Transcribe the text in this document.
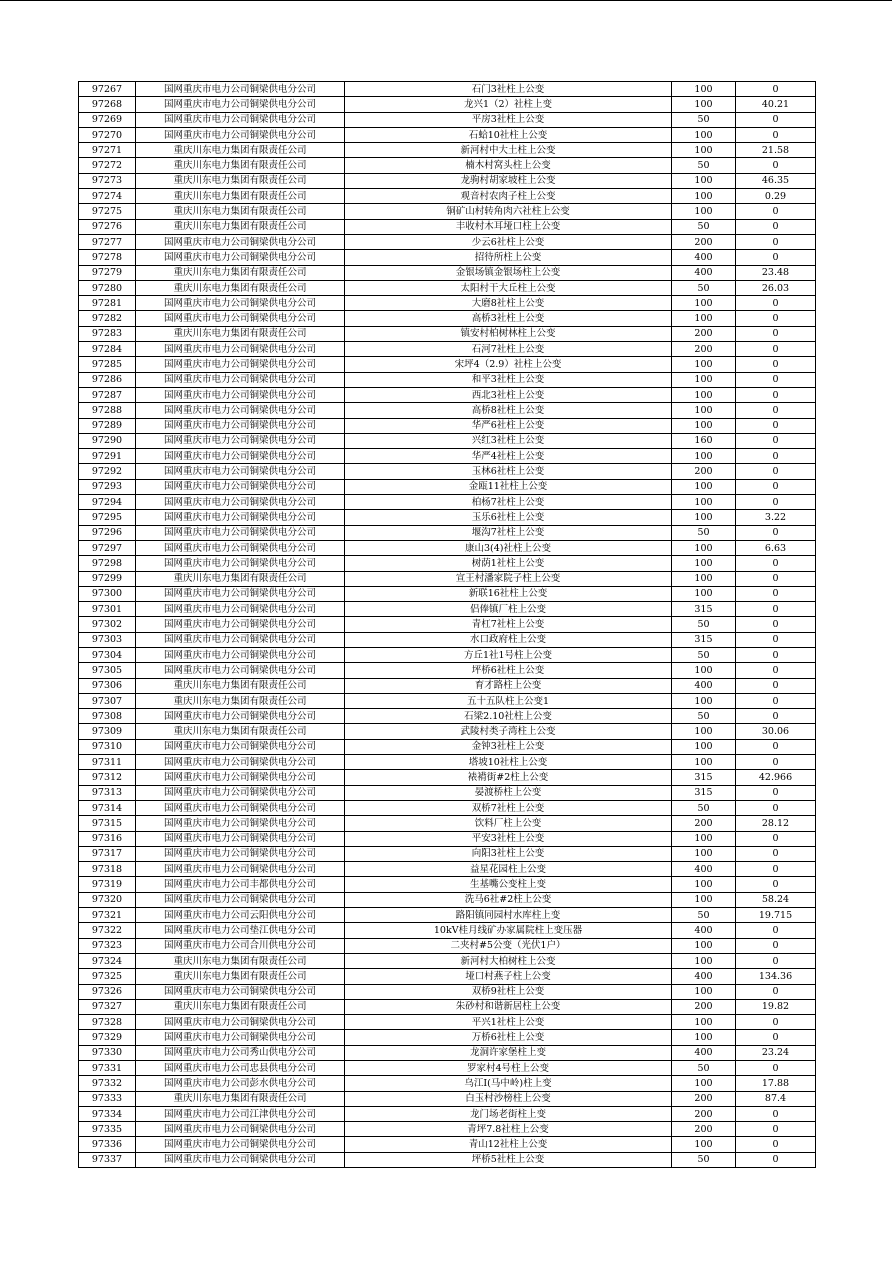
97267	国网重庆市电力公司铜梁供电分公司	石门3社柱上公变	100	0
97268	国网重庆市电力公司铜梁供电分公司	龙兴1（2）社柱上变	100	40.21
97269	国网重庆市电力公司铜梁供电分公司	平房3社柱上公变	50	0
97270	国网重庆市电力公司铜梁供电分公司	石蛤10社柱上公变	100	0
97271	重庆川东电力集团有限责任公司	新河村中大土柱上公变	100	21.58
97272	重庆川东电力集团有限责任公司	楠木村窝头柱上公变	50	0
97273	重庆川东电力集团有限责任公司	龙驹村胡家坡柱上公变	100	46.35
97274	重庆川东电力集团有限责任公司	观音村农肉子柱上公变	100	0.29
97275	重庆川东电力集团有限责任公司	铜矿山村转角肉六社柱上公变	100	0
97276	重庆川东电力集团有限责任公司	丰收村木耳垭口柱上公变	50	0
97277	国网重庆市电力公司铜梁供电分公司	少云6社柱上公变	200	0
97278	国网重庆市电力公司铜梁供电分公司	招待所柱上公变	400	0
97279	重庆川东电力集团有限责任公司	金银场镇金银场柱上公变	400	23.48
97280	重庆川东电力集团有限责任公司	太阳村干大丘柱上公变	50	26.03
97281	国网重庆市电力公司铜梁供电分公司	大磨8社柱上公变	100	0
97282	国网重庆市电力公司铜梁供电分公司	高桥3社柱上公变	100	0
97283	重庆川东电力集团有限责任公司	镇安村柏树林柱上公变	200	0
97284	国网重庆市电力公司铜梁供电分公司	石河7社柱上公变	200	0
97285	国网重庆市电力公司铜梁供电分公司	宋坪4（2.9）社柱上公变	100	0
97286	国网重庆市电力公司铜梁供电分公司	和平3社柱上公变	100	0
97287	国网重庆市电力公司铜梁供电分公司	西北3社柱上公变	100	0
97288	国网重庆市电力公司铜梁供电分公司	高桥8社柱上公变	100	0
97289	国网重庆市电力公司铜梁供电分公司	华严6社柱上公变	100	0
97290	国网重庆市电力公司铜梁供电分公司	兴红3社柱上公变	160	0
97291	国网重庆市电力公司铜梁供电分公司	华严4社柱上公变	100	0
97292	国网重庆市电力公司铜梁供电分公司	玉林6社柱上公变	200	0
97293	国网重庆市电力公司铜梁供电分公司	金瓯11社柱上公变	100	0
97294	国网重庆市电力公司铜梁供电分公司	柏杨7社柱上公变	100	0
97295	国网重庆市电力公司铜梁供电分公司	玉乐6社柱上公变	100	3.22
97296	国网重庆市电力公司铜梁供电分公司	堰沟7社柱上公变	50	0
97297	国网重庆市电力公司铜梁供电分公司	康山3(4)社柱上公变	100	6.63
97298	国网重庆市电力公司铜梁供电分公司	树荫1社柱上公变	100	0
97299	重庆川东电力集团有限责任公司	宣王村潘家院子柱上公变	100	0
97300	国网重庆市电力公司铜梁供电分公司	新联16社柱上公变	100	0
97301	国网重庆市电力公司铜梁供电分公司	侣俸镇厂柱上公变	315	0
97302	国网重庆市电力公司铜梁供电分公司	青杠7社柱上公变	50	0
97303	国网重庆市电力公司铜梁供电分公司	水口政府柱上公变	315	0
97304	国网重庆市电力公司铜梁供电分公司	方丘1社1号柱上公变	50	0
97305	国网重庆市电力公司铜梁供电分公司	坪桥6社柱上公变	100	0
97306	重庆川东电力集团有限责任公司	育才路柱上公变	400	0
97307	重庆川东电力集团有限责任公司	五十五队柱上公变1	100	0
97308	国网重庆市电力公司铜梁供电分公司	石梁2.10社柱上公变	50	0
97309	重庆川东电力集团有限责任公司	武陵村类子湾柱上公变	100	30.06
97310	国网重庆市电力公司铜梁供电分公司	金钟3社柱上公变	100	0
97311	国网重庆市电力公司铜梁供电分公司	塔坡10社柱上公变	100	0
97312	国网重庆市电力公司铜梁供电分公司	裱褙街#2柱上公变	315	42.966
97313	国网重庆市电力公司铜梁供电分公司	晏渡桥柱上公变	315	0
97314	国网重庆市电力公司铜梁供电分公司	双桥7社柱上公变	50	0
97315	国网重庆市电力公司铜梁供电分公司	饮料厂柱上公变	200	28.12
97316	国网重庆市电力公司铜梁供电分公司	平安3社柱上公变	100	0
97317	国网重庆市电力公司铜梁供电分公司	向阳3社柱上公变	100	0
97318	国网重庆市电力公司铜梁供电分公司	益星花园柱上公变	400	0
97319	国网重庆市电力公司丰都供电分公司	生基嘴公变柱上变	100	0
97320	国网重庆市电力公司铜梁供电分公司	洗马6社#2柱上公变	100	58.24
97321	国网重庆市电力公司云阳供电分公司	路阳镇同园村水库柱上变	50	19.715
97322	国网重庆市电力公司垫江供电分公司	10kV桂月线矿办家属院柱上变压器	400	0
97323	国网重庆市电力公司合川供电分公司	二夹村#5公变（光伏1户）	100	0
97324	重庆川东电力集团有限责任公司	新河村大柏树柱上公变	100	0
97325	重庆川东电力集团有限责任公司	垭口村燕子柱上公变	400	134.36
97326	国网重庆市电力公司铜梁供电分公司	双桥9社柱上公变	100	0
97327	重庆川东电力集团有限责任公司	朱砂村和谐新居柱上公变	200	19.82
97328	国网重庆市电力公司铜梁供电分公司	平兴1社柱上公变	100	0
97329	国网重庆市电力公司铜梁供电分公司	万桥6社柱上公变	100	0
97330	国网重庆市电力公司秀山供电分公司	龙洞许家堡柱上变	400	23.24
97331	国网重庆市电力公司忠县供电分公司	罗家村4号柱上公变	50	0
97332	国网重庆市电力公司彭水供电分公司	乌江Ⅰ(马中岭)柱上变	100	17.88
97333	重庆川东电力集团有限责任公司	白玉村沙榜柱上公变	200	87.4
97334	国网重庆市电力公司江津供电分公司	龙门场老街柱上变	200	0
97335	国网重庆市电力公司铜梁供电分公司	青坪7.8社柱上公变	200	0
97336	国网重庆市电力公司铜梁供电分公司	青山12社柱上公变	100	0
97337	国网重庆市电力公司铜梁供电分公司	坪桥5社柱上公变	50	0
